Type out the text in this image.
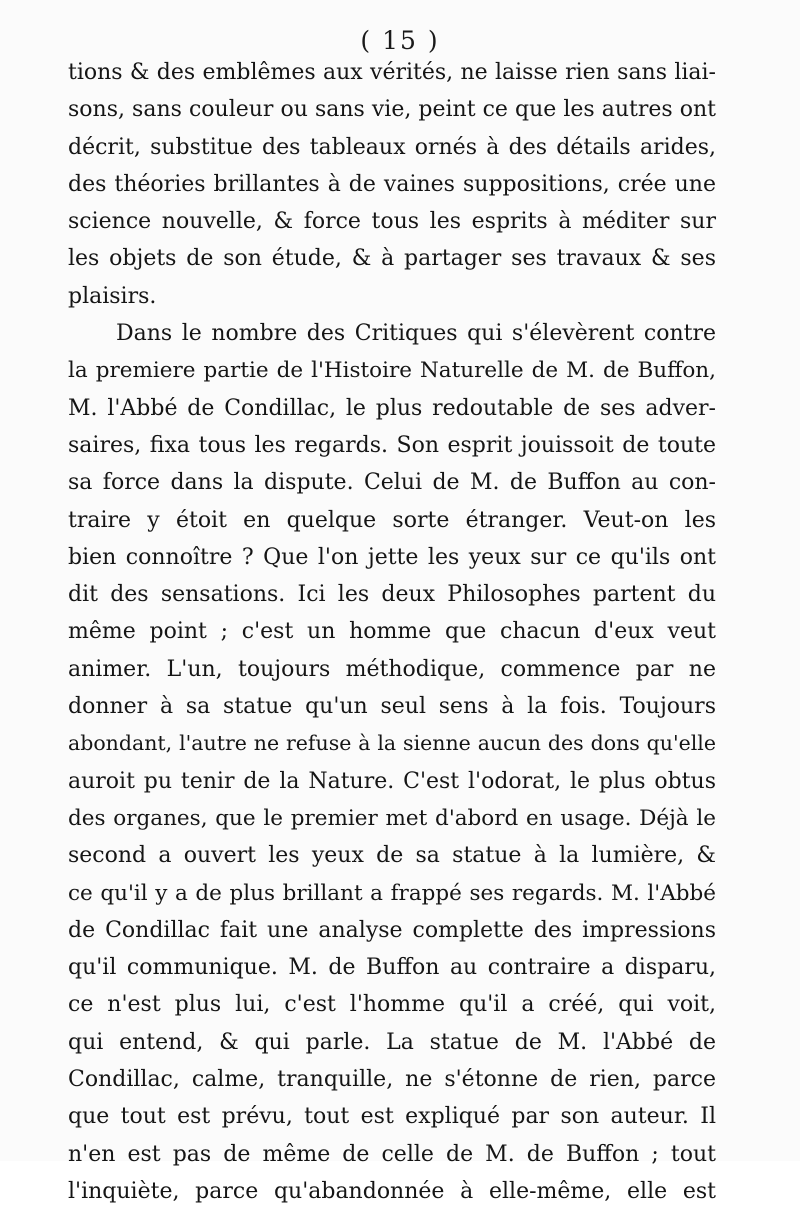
( 15 )
tions & des emblêmes aux vérités, ne laisse rien sans liai-
sons, sans couleur ou sans vie, peint ce que les autres ont
décrit, substitue des tableaux ornés à des détails arides,
des théories brillantes à de vaines suppositions, crée une
science nouvelle, & force tous les esprits à méditer sur
les objets de son étude, & à partager ses travaux & ses
plaisirs.
Dans le nombre des Critiques qui s'élevèrent contre
la premiere partie de l'Histoire Naturelle de M. de Buffon,
M. l'Abbé de Condillac, le plus redoutable de ses adver-
saires, fixa tous les regards. Son esprit jouissoit de toute
sa force dans la dispute. Celui de M. de Buffon au con-
traire y étoit en quelque sorte étranger. Veut-on les
bien connoître ? Que l'on jette les yeux sur ce qu'ils ont
dit des sensations. Ici les deux Philosophes partent du
même point ; c'est un homme que chacun d'eux veut
animer. L'un, toujours méthodique, commence par ne
donner à sa statue qu'un seul sens à la fois. Toujours
abondant, l'autre ne refuse à la sienne aucun des dons qu'elle
auroit pu tenir de la Nature. C'est l'odorat, le plus obtus
des organes, que le premier met d'abord en usage. Déjà le
second a ouvert les yeux de sa statue à la lumière, &
ce qu'il y a de plus brillant a frappé ses regards. M. l'Abbé
de Condillac fait une analyse complette des impressions
qu'il communique. M. de Buffon au contraire a disparu,
ce n'est plus lui, c'est l'homme qu'il a créé, qui voit,
qui entend, & qui parle. La statue de M. l'Abbé de
Condillac, calme, tranquille, ne s'étonne de rien, parce
que tout est prévu, tout est expliqué par son auteur. Il
n'en est pas de même de celle de M. de Buffon ; tout
l'inquiète, parce qu'abandonnée à elle-même, elle est
